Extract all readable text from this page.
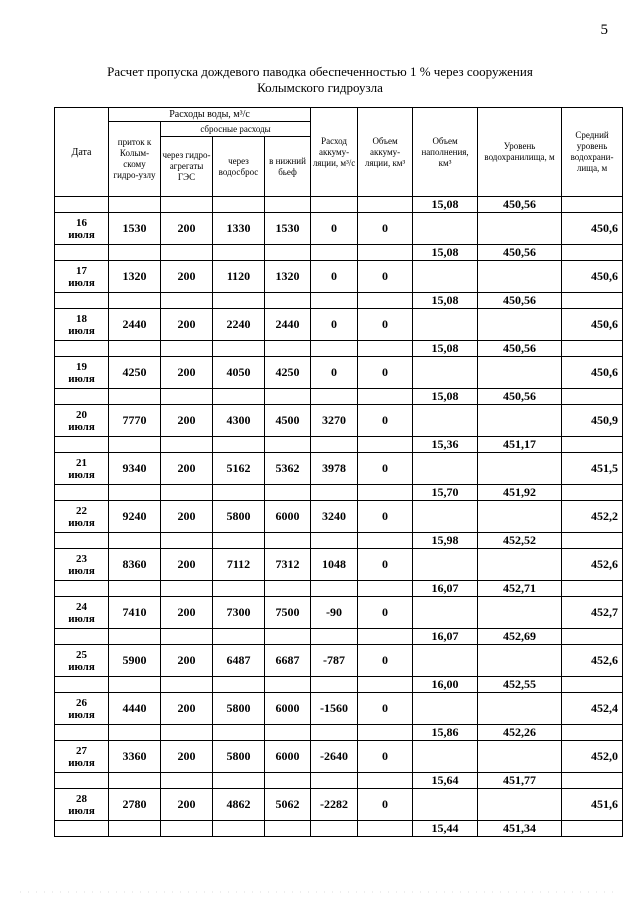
5
Расчет пропуска дождевого паводка обеспеченностью 1 % через сооружения
Колымского гидроузла
Дата	Расходы воды, м³/с				Расход аккуму-ляции, м³/с	Объем аккуму-ляции, км³	Объем наполнения, км³	Уровень водохранилища, м	Средний уровень водохрани-лища, м
	приток к Колым-скому гидро-узлу	сбросные расходы							
		через гидро-агрегаты ГЭС	через водосброс	в нижний бьеф					
							15,08	450,56	

16
июля	1530	200	1330	1530	0	0			450,6
							15,08	450,56	

17
июля	1320	200	1120	1320	0	0			450,6
							15,08	450,56	

18
июля	2440	200	2240	2440	0	0			450,6
							15,08	450,56	

19
июля	4250	200	4050	4250	0	0			450,6
							15,08	450,56	

20
июля	7770	200	4300	4500	3270	0			450,9
							15,36	451,17	

21
июля	9340	200	5162	5362	3978	0			451,5
							15,70	451,92	

22
июля	9240	200	5800	6000	3240	0			452,2
							15,98	452,52	

23
июля	8360	200	7112	7312	1048	0			452,6
							16,07	452,71	

24
июля	7410	200	7300	7500	-90	0			452,7
							16,07	452,69	

25
июля	5900	200	6487	6687	-787	0			452,6
							16,00	452,55	

26
июля	4440	200	5800	6000	-1560	0			452,4
							15,86	452,26	

27
июля	3360	200	5800	6000	-2640	0			452,0
							15,64	451,77	

28
июля	2780	200	4862	5062	-2282	0			451,6
							15,44	451,34	
